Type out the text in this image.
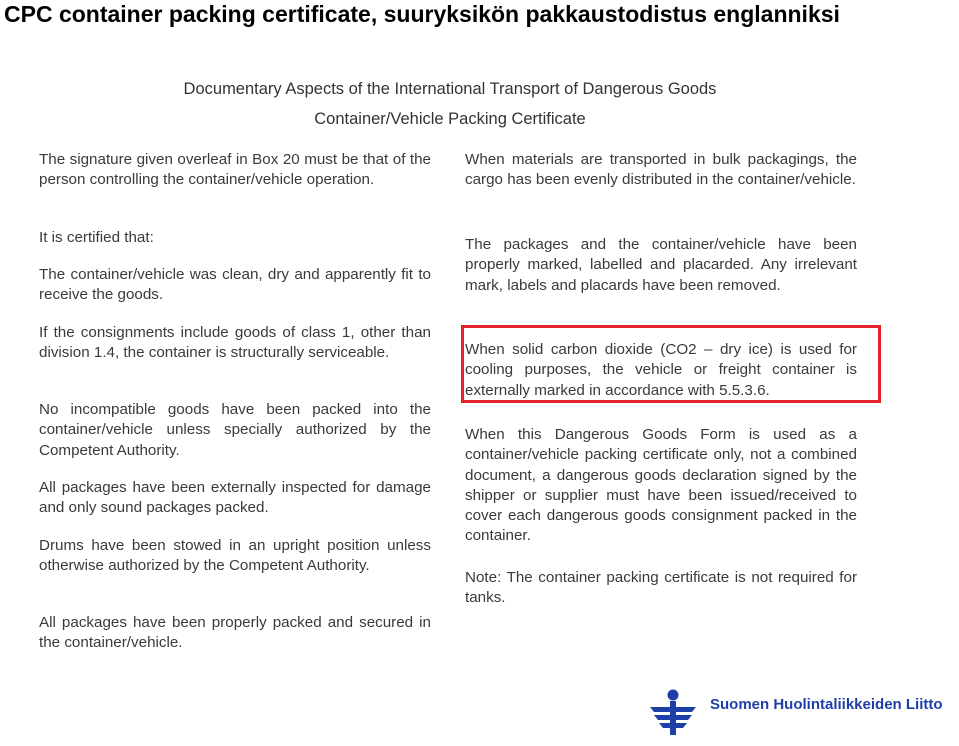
CPC container packing certificate, suuryksikön pakkaustodistus englanniksi
Documentary Aspects of the International Transport of Dangerous Goods
Container/Vehicle Packing Certificate
The signature given overleaf in Box 20 must be that of the person controlling the container/vehicle operation.
It is certified that:
The container/vehicle was clean, dry and apparently fit to receive the goods.
If the consignments include goods of class 1, other than division 1.4, the container is structurally serviceable.
No incompatible goods have been packed into the container/vehicle unless specially authorized by the Competent Authority.
All packages have been externally inspected for damage and only sound packages packed.
Drums have been stowed in an upright position unless otherwise authorized by the Competent Authority.
All packages have been properly packed and secured in the container/vehicle.
When materials are transported in bulk packagings, the cargo has been evenly distributed in the container/vehicle.
The packages and the container/vehicle have been properly marked, labelled and placarded. Any irrelevant mark, labels and placards have been removed.
When solid carbon dioxide (CO2 – dry ice) is used for cooling purposes, the vehicle or freight container is externally marked in accordance with 5.5.3.6.
When this Dangerous Goods Form is used as a container/vehicle packing certificate only, not a combined document, a dangerous goods declaration signed by the shipper or supplier must have been issued/received to cover each dangerous goods consignment packed in the container.
Note: The container packing certificate is not required for tanks.
Suomen Huolintaliikkeiden Liitto
